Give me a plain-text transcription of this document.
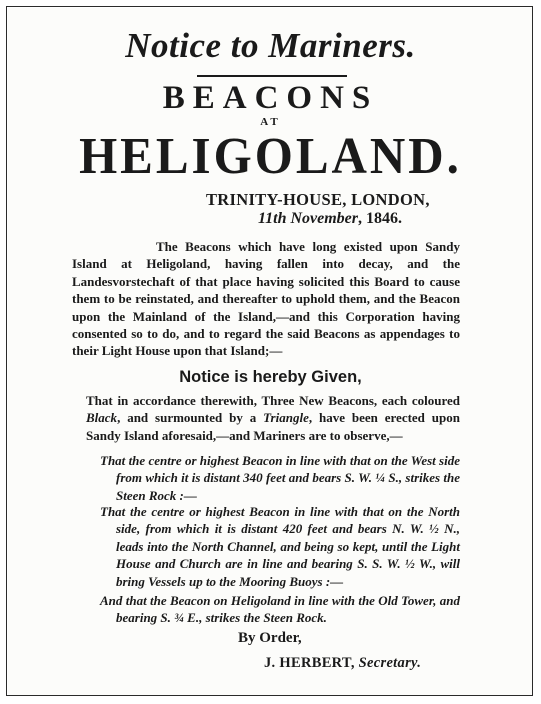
Notice to Mariners.
BEACONS
AT
HELIGOLAND.
TRINITY-HOUSE, LONDON,
11th November, 1846.

The Beacons which have long existed upon Sandy Island at Heligoland, having fallen into decay, and the Landesvorstechaft of that place having solicited this Board to cause them to be reinstated, and thereafter to uphold them, and the Beacon upon the Mainland of the Island,—and this Corporation having consented so to do, and to regard the said Beacons as appendages to their Light House upon that Island;—

Notice is hereby Given,

That in accordance therewith, Three New Beacons, each coloured Black, and surmounted by a Triangle, have been erected upon Sandy Island aforesaid,—and Mariners are to observe,—

That the centre or highest Beacon in line with that on the West side from which it is distant 340 feet and bears S. W. ¼ S., strikes the Steen Rock :—

That the centre or highest Beacon in line with that on the North side, from which it is distant 420 feet and bears N. W. ½ N., leads into the North Channel, and being so kept, until the Light House and Church are in line and bearing S. S. W. ½ W., will bring Vessels up to the Mooring Buoys :—

And that the Beacon on Heligoland in line with the Old Tower, and bearing S. ¾ E., strikes the Steen Rock.

By Order,
J. HERBERT, Secretary.
